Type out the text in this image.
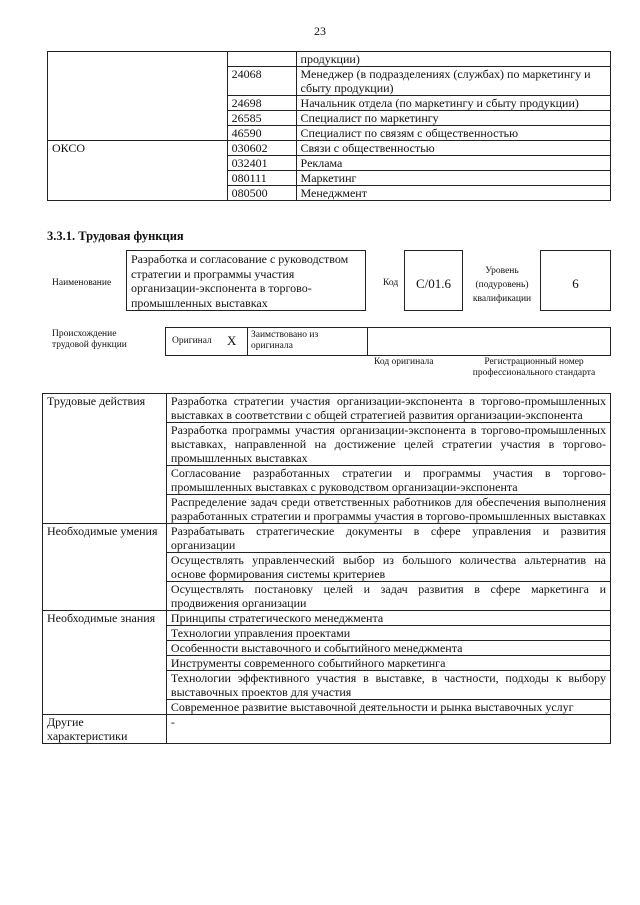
23
		продукции)
	24068	Менеджер (в подразделениях (службах) по маркетингу и сбыту продукции)
	24698	Начальник отдела (по маркетингу и сбыту продукции)
	26585	Специалист по маркетингу
	46590	Специалист по связям с общественностью
ОКСО	030602	Связи с общественностью
	032401	Реклама
	080111	Маркетинг
	080500	Менеджмент
3.3.1. Трудовая функция
Наименование
Разработка и согласование с руководством стратегии и программы участия организации-экспонента в торгово-промышленных выставках
Код	C/01.6
Уровень (подуровень) квалификации
6
Происхождение трудовой функции	Оригинал X Заимствовано из оригинала
Код оригинала	Регистрационный номер профессионального стандарта
Трудовые действия	Разработка стратегии участия организации-экспонента в торгово-промышленных выставках в соответствии с общей стратегией развития организации-экспонента
	Разработка программы участия организации-экспонента в торгово-промышленных выставках, направленной на достижение целей стратегии участия в торгово-промышленных выставках
	Согласование разработанных стратегии и программы участия в торгово-промышленных выставках с руководством организации-экспонента
	Распределение задач среди ответственных работников для обеспечения выполнения разработанных стратегии и программы участия в торгово-промышленных выставках
Необходимые умения	Разрабатывать стратегические документы в сфере управления и развития организации
	Осуществлять управленческий выбор из большого количества альтернатив на основе формирования системы критериев
	Осуществлять постановку целей и задач развития в сфере маркетинга и продвижения организации
Необходимые знания	Принципы стратегического менеджмента
	Технологии управления проектами
	Особенности выставочного и событийного менеджмента
	Инструменты современного событийного маркетинга
	Технологии эффективного участия в выставке, в частности, подходы к выбору выставочных проектов для участия
	Современное развитие выставочной деятельности и рынка выставочных услуг
Другие характеристики	-
